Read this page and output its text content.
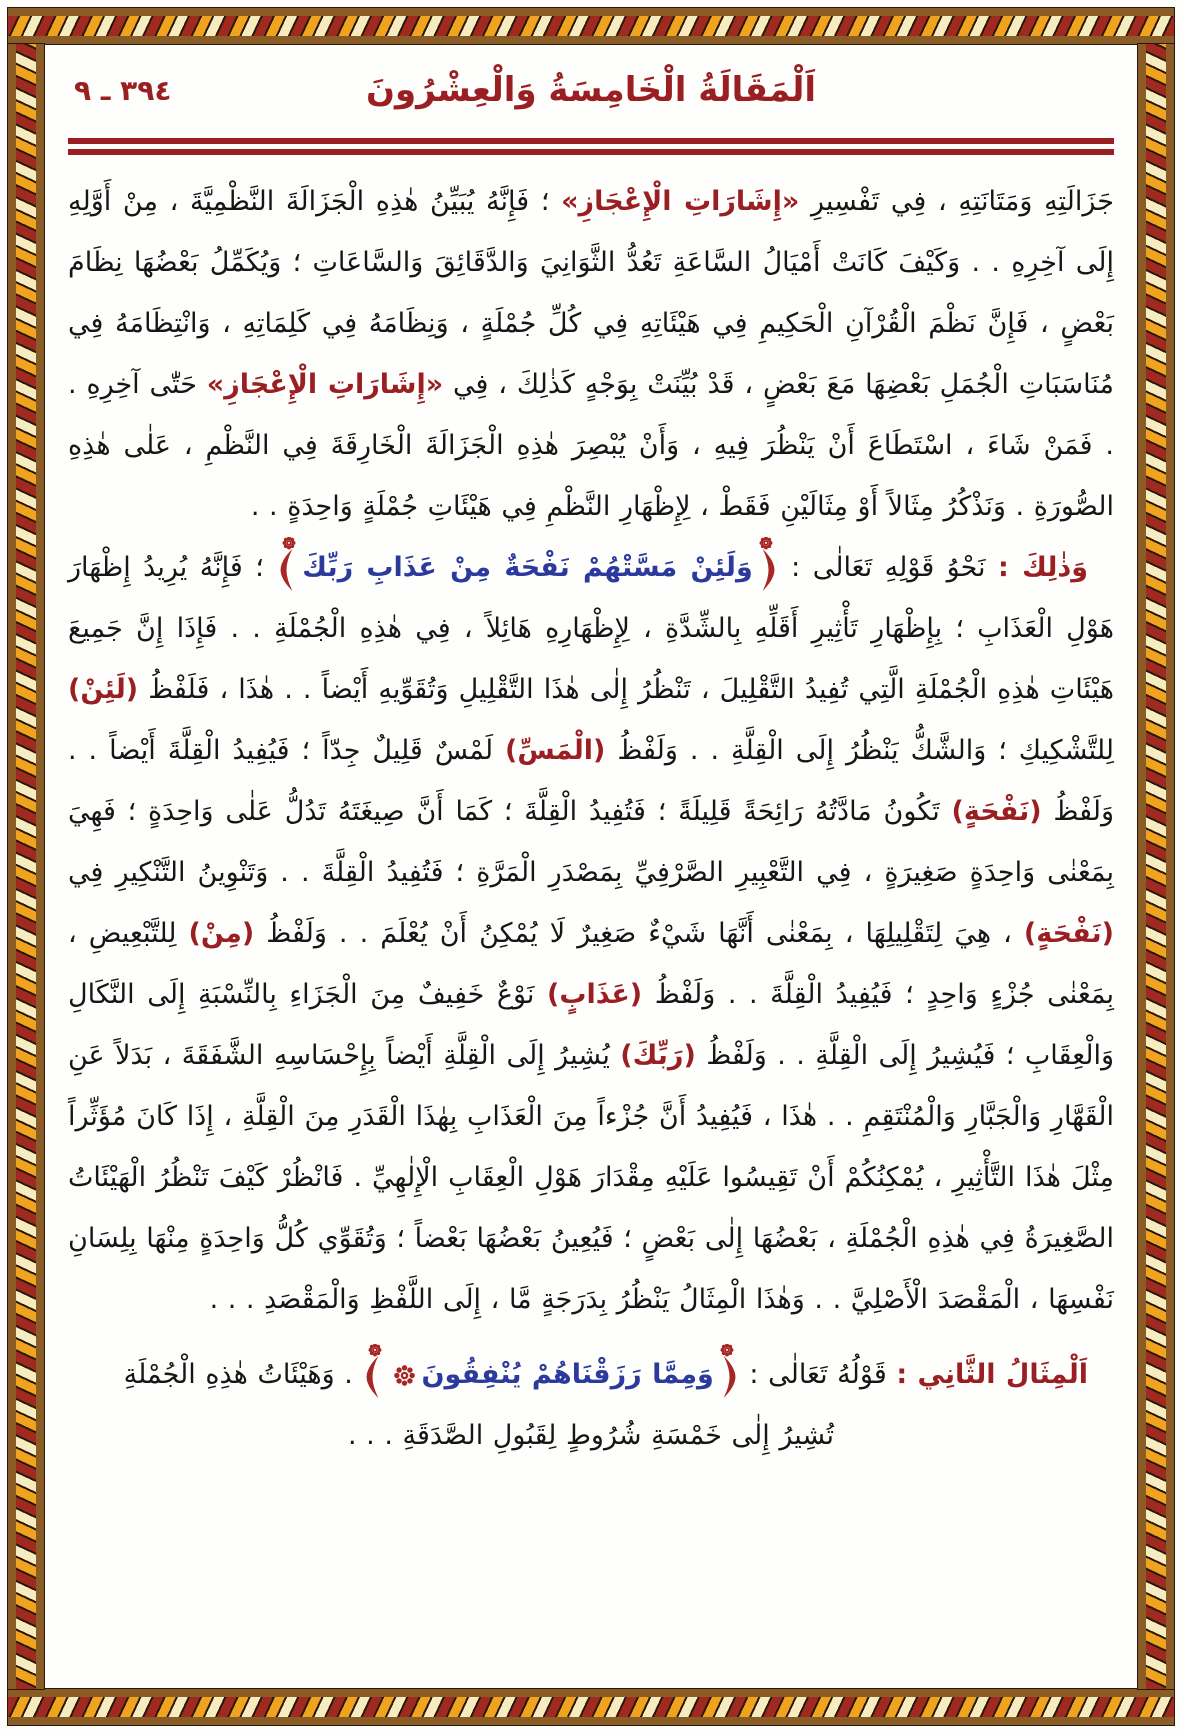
اَلْمَقَالَةُ الْخَامِسَةُ وَالْعِشْرُونَ
٣٩٤ ـ ٩
جَزَالَتِهِ وَمَتَانَتِهِ ، فِي تَفْسِيرِ «إِشَارَاتِ الْإِعْجَازِ» ؛ فَإِنَّهُ يُبَيِّنُ هٰذِهِ الْجَزَالَةَ النَّظْمِيَّةَ ، مِنْ أَوَّلِهِ إِلَى آخِرِهِ . . وَكَيْفَ كَانَتْ أَمْيَالُ السَّاعَةِ تَعُدُّ الثَّوَانِيَ وَالدَّقَائِقَ وَالسَّاعَاتِ ؛ وَيُكَمِّلُ بَعْضُهَا نِظَامَ بَعْضٍ ، فَإِنَّ نَظْمَ الْقُرْآنِ الْحَكِيمِ فِي هَيْئَاتِهِ فِي كُلِّ جُمْلَةٍ ، وَنِظَامَهُ فِي كَلِمَاتِهِ ، وَانْتِظَامَهُ فِي مُنَاسَبَاتِ الْجُمَلِ بَعْضِهَا مَعَ بَعْضٍ ، قَدْ بُيِّنَتْ بِوَجْهٍ كَذٰلِكَ ، فِي «إِشَارَاتِ الْإِعْجَازِ» حَتّٰى آخِرِهِ . . فَمَنْ شَاءَ ، اسْتَطَاعَ أَنْ يَنْظُرَ فِيهِ ، وَأَنْ يُبْصِرَ هٰذِهِ الْجَزَالَةَ الْخَارِقَةَ فِي النَّظْمِ ، عَلٰى هٰذِهِ الصُّورَةِ . وَنَذْكُرُ مِثَالاً أَوْ مِثَالَيْنِ فَقَطْ ، لِإِظْهَارِ النَّظْمِ فِي هَيْئَاتِ جُمْلَةٍ وَاحِدَةٍ . .
وَذٰلِكَ : نَحْوُ قَوْلِهِ تَعَالٰى : وَلَئِنْ مَسَّتْهُمْ نَفْحَةٌ مِنْ عَذَابِ رَبِّكَ ؛ فَإِنَّهُ يُرِيدُ إِظْهَارَ هَوْلِ الْعَذَابِ ؛ بِإِظْهَارِ تَأْثِيرِ أَقَلِّهِ بِالشِّدَّةِ ، لِإِظْهَارِهِ هَائِلاً ، فِي هٰذِهِ الْجُمْلَةِ . . فَإِذَا إِنَّ جَمِيعَ هَيْئَاتِ هٰذِهِ الْجُمْلَةِ الَّتِي تُفِيدُ التَّقْلِيلَ ، تَنْظُرُ إِلٰى هٰذَا التَّقْلِيلِ وَتُقَوِّيهِ أَيْضاً . . هٰذَا ، فَلَفْظُ (لَئِنْ) لِلتَّشْكِيكِ ؛ وَالشَّكُّ يَنْظُرُ إِلَى الْقِلَّةِ . . وَلَفْظُ (الْمَسِّ) لَمْسٌ قَلِيلٌ جِدّاً ؛ فَيُفِيدُ الْقِلَّةَ أَيْضاً . . وَلَفْظُ (نَفْحَةٍ) تَكُونُ مَادَّتُهُ رَائِحَةً قَلِيلَةً ؛ فَتُفِيدُ الْقِلَّةَ ؛ كَمَا أَنَّ صِيغَتَهُ تَدُلُّ عَلٰى وَاحِدَةٍ ؛ فَهِيَ بِمَعْنٰى وَاحِدَةٍ صَغِيرَةٍ ، فِي التَّعْبِيرِ الصَّرْفِيِّ بِمَصْدَرِ الْمَرَّةِ ؛ فَتُفِيدُ الْقِلَّةَ . . وَتَنْوِينُ التَّنْكِيرِ فِي (نَفْحَةٍ) ، هِيَ لِتَقْلِيلِهَا ، بِمَعْنٰى أَنَّهَا شَيْءٌ صَغِيرٌ لَا يُمْكِنُ أَنْ يُعْلَمَ . . وَلَفْظُ (مِنْ) لِلتَّبْعِيضِ ، بِمَعْنٰى جُزْءٍ وَاحِدٍ ؛ فَيُفِيدُ الْقِلَّةَ . . وَلَفْظُ (عَذَابٍ) نَوْعٌ خَفِيفٌ مِنَ الْجَزَاءِ بِالنِّسْبَةِ إِلَى النَّكَالِ وَالْعِقَابِ ؛ فَيُشِيرُ إِلَى الْقِلَّةِ . . وَلَفْظُ (رَبِّكَ) يُشِيرُ إِلَى الْقِلَّةِ أَيْضاً بِإِحْسَاسِهِ الشَّفَقَةَ ، بَدَلاً عَنِ الْقَهَّارِ وَالْجَبَّارِ وَالْمُنْتَقِمِ . . هٰذَا ، فَيُفِيدُ أَنَّ جُزْءاً مِنَ الْعَذَابِ بِهٰذَا الْقَدَرِ مِنَ الْقِلَّةِ ، إِذَا كَانَ مُؤَثِّراً مِثْلَ هٰذَا التَّأْثِيرِ ، يُمْكِنُكُمْ أَنْ تَقِيسُوا عَلَيْهِ مِقْدَارَ هَوْلِ الْعِقَابِ الْإِلٰهِيِّ . فَانْظُرْ كَيْفَ تَنْظُرُ الْهَيْئَاتُ الصَّغِيرَةُ فِي هٰذِهِ الْجُمْلَةِ ، بَعْضُهَا إِلٰى بَعْضٍ ؛ فَيُعِينُ بَعْضُهَا بَعْضاً ؛ وَتُقَوِّي كُلُّ وَاحِدَةٍ مِنْهَا بِلِسَانِ نَفْسِهَا ، الْمَقْصَدَ الْأَصْلِيَّ . . وَهٰذَا الْمِثَالُ يَنْظُرُ بِدَرَجَةٍ مَّا ، إِلَى اللَّفْظِ وَالْمَقْصَدِ . . .
اَلْمِثَالُ الثَّانِي : قَوْلُهُ تَعَالٰى : وَمِمَّا رَزَقْنَاهُمْ يُنْفِقُونَ . وَهَيْئَاتُ هٰذِهِ الْجُمْلَةِ
تُشِيرُ إِلٰى خَمْسَةِ شُرُوطٍ لِقَبُولِ الصَّدَقَةِ . . .
